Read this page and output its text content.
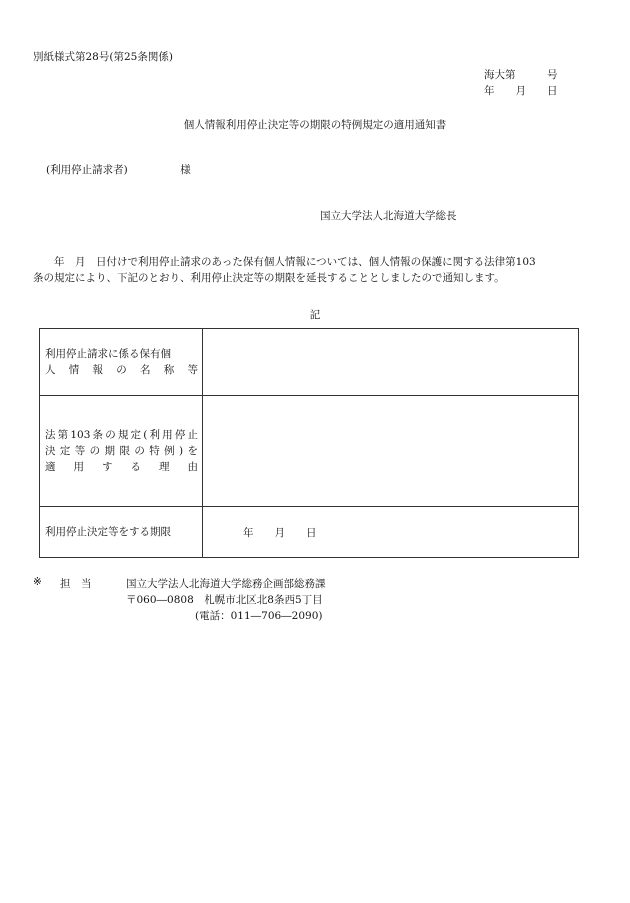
別紙様式第28号(第25条関係)
海大第　　　号
年　　月　　日
個人情報利用停止決定等の期限の特例規定の適用通知書
(利用停止請求者)　　　　　様
国立大学法人北海道大学総長
　　年　月　日付けで利用停止請求のあった保有個人情報については、個人情報の保護に関する法律第103
条の規定により、下記のとおり、利用停止決定等の期限を延長することとしましたので通知します。
記
利用停止請求に係る保有個

人情報の名称等	

法第103条の規定(利用停止
決定等の期限の特例)を
適用する理由	

利用停止決定等をする期限	年　　月　　日
※ 担　当	国立大学法人北海道大学総務企画部総務課
〒060―0808　札幌市北区北8条西5丁目
(電話：011―706―2090)
